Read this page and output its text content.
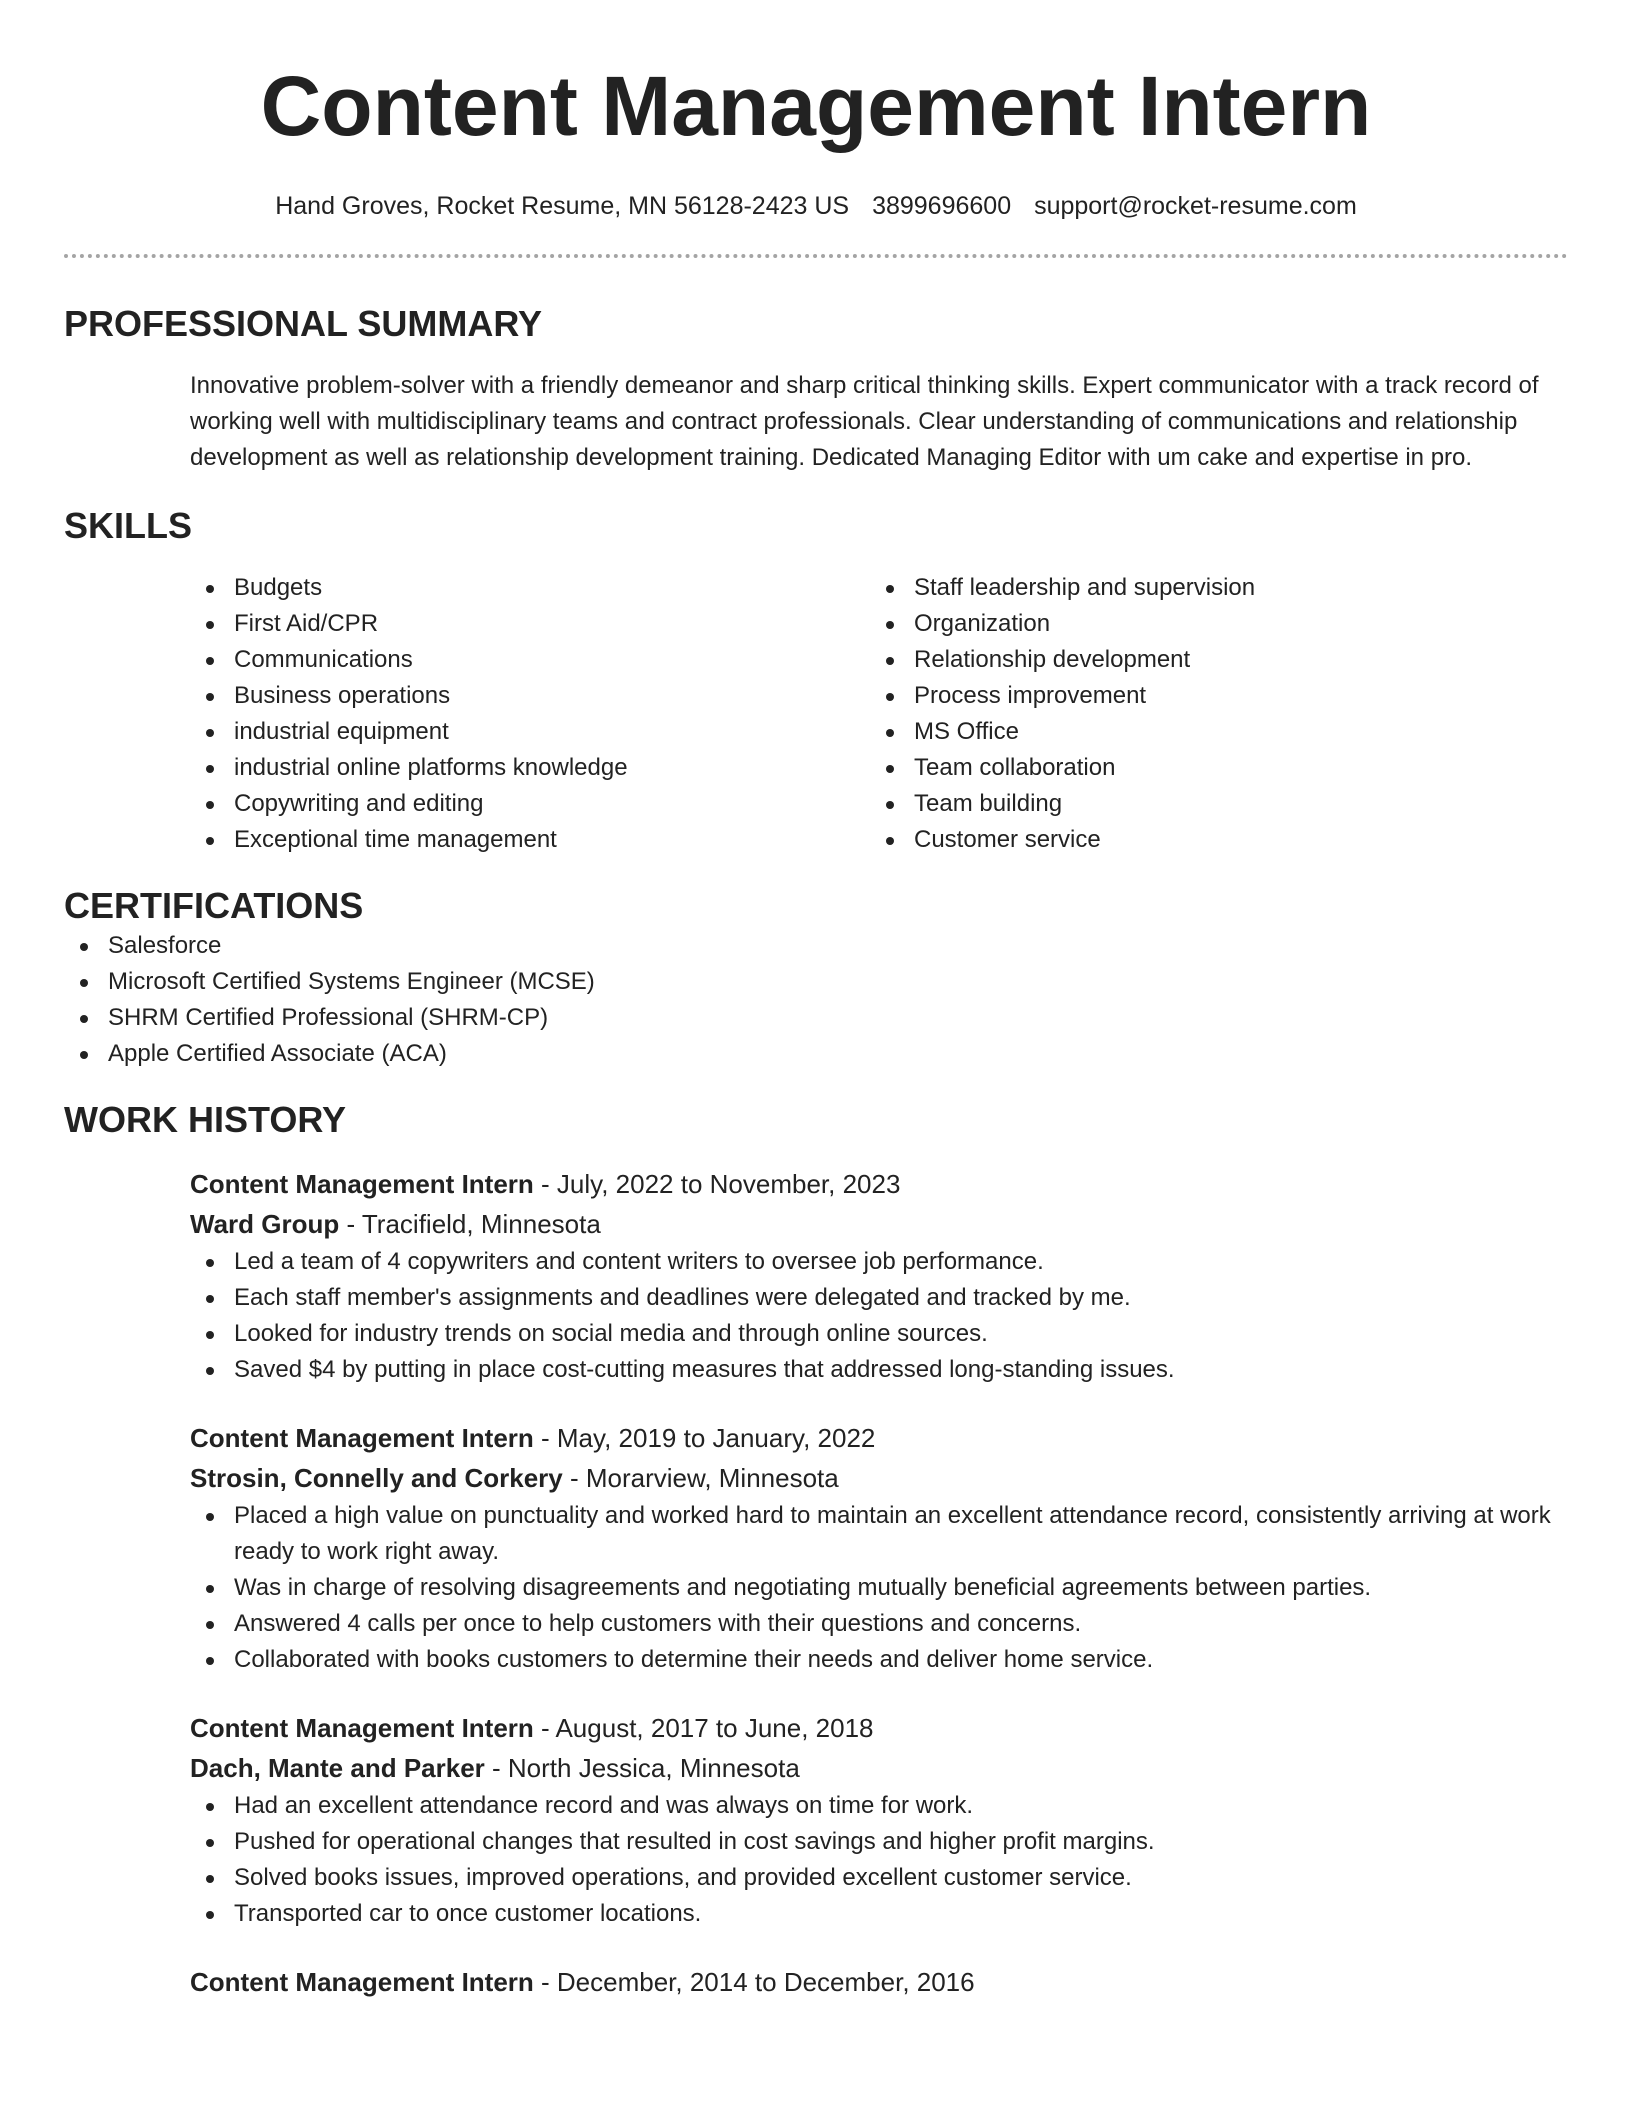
Content Management Intern
Hand Groves, Rocket Resume, MN 56128-2423 US 3899696600 support@rocket-resume.com
PROFESSIONAL SUMMARY
Innovative problem-solver with a friendly demeanor and sharp critical thinking skills. Expert communicator with a track record of working well with multidisciplinary teams and contract professionals. Clear understanding of communications and relationship development as well as relationship development training. Dedicated Managing Editor with um cake and expertise in pro.
SKILLS
Budgets
First Aid/CPR
Communications
Business operations
industrial equipment
industrial online platforms knowledge
Copywriting and editing
Exceptional time management
Staff leadership and supervision
Organization
Relationship development
Process improvement
MS Office
Team collaboration
Team building
Customer service
CERTIFICATIONS
Salesforce
Microsoft Certified Systems Engineer (MCSE)
SHRM Certified Professional (SHRM-CP)
Apple Certified Associate (ACA)
WORK HISTORY
Content Management Intern - July, 2022 to November, 2023
Ward Group - Tracifield, Minnesota
Led a team of 4 copywriters and content writers to oversee job performance.
Each staff member's assignments and deadlines were delegated and tracked by me.
Looked for industry trends on social media and through online sources.
Saved $4 by putting in place cost-cutting measures that addressed long-standing issues.
Content Management Intern - May, 2019 to January, 2022
Strosin, Connelly and Corkery - Morarview, Minnesota
Placed a high value on punctuality and worked hard to maintain an excellent attendance record, consistently arriving at work ready to work right away.
Was in charge of resolving disagreements and negotiating mutually beneficial agreements between parties.
Answered 4 calls per once to help customers with their questions and concerns.
Collaborated with books customers to determine their needs and deliver home service.
Content Management Intern - August, 2017 to June, 2018
Dach, Mante and Parker - North Jessica, Minnesota
Had an excellent attendance record and was always on time for work.
Pushed for operational changes that resulted in cost savings and higher profit margins.
Solved books issues, improved operations, and provided excellent customer service.
Transported car to once customer locations.
Content Management Intern - December, 2014 to December, 2016
